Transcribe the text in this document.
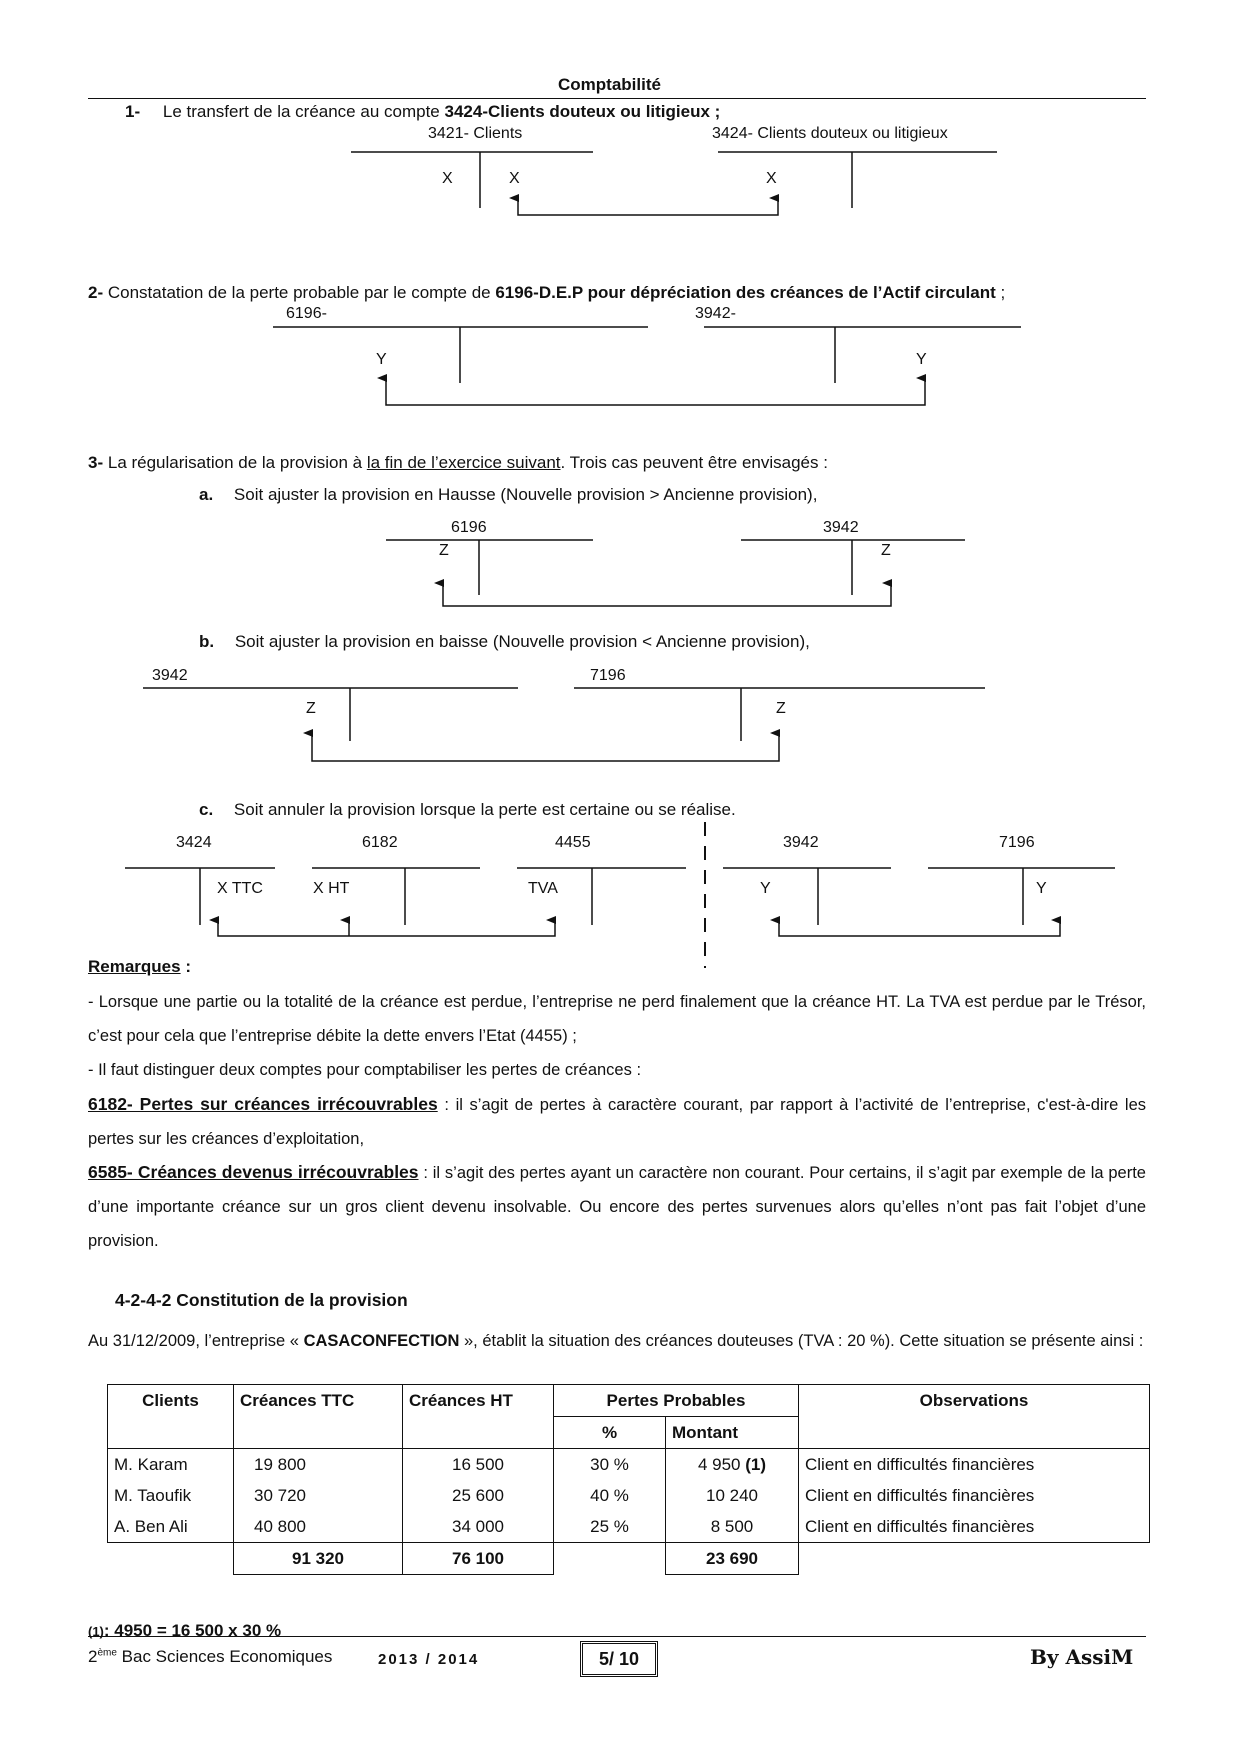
Comptabilité
1- Le transfert de la créance au compte 3424-Clients douteux ou litigieux ;
3421- Clients	3424- Clients douteux ou litigieux
X	X	X
2- Constatation de la perte probable par le compte de 6196-D.E.P pour dépréciation des créances de l’Actif circulant ;
6196-	3942-
Y	Y
3- La régularisation de la provision à la fin de l’exercice suivant. Trois cas peuvent être envisagés :
a. Soit ajuster la provision en Hausse (Nouvelle provision > Ancienne provision),
6196	3942
Z	Z
b. Soit ajuster la provision en baisse (Nouvelle provision < Ancienne provision),
3942	7196
Z	Z
c. Soit annuler la provision lorsque la perte est certaine ou se réalise.
3424	6182	4455	3942	7196
X TTC	X HT	TVA	Y	Y
Remarques :
- Lorsque une partie ou la totalité de la créance est perdue, l’entreprise ne perd finalement que la créance HT. La TVA est perdue par le Trésor, c’est pour cela que l’entreprise débite la dette envers l’Etat (4455) ;
- Il faut distinguer deux comptes pour comptabiliser les pertes de créances :
6182- Pertes sur créances irrécouvrables : il s’agit de pertes à caractère courant, par rapport à l’activité de l’entreprise, c'est-à-dire les pertes sur les créances d’exploitation,
6585- Créances devenus irrécouvrables : il s’agit des pertes ayant un caractère non courant. Pour certains, il s’agit par exemple de la perte d’une importante créance sur un gros client devenu insolvable. Ou encore des pertes survenues alors qu’elles n’ont pas fait l’objet d’une provision.
4-2-4-2 Constitution de la provision
Au 31/12/2009, l’entreprise « CASACONFECTION », établit la situation des créances douteuses (TVA : 20 %). Cette situation se présente ainsi :
Clients	Créances TTC	Créances HT	Pertes Probables		Observations
			%	Montant	
M. Karam	19 800	16 500	30 %	4 950 (1)	Client en difficultés financières
M. Taoufik	30 720	25 600	40 %	10 240	Client en difficultés financières
A. Ben Ali	40 800	34 000	25 %	8 500	Client en difficultés financières
	91 320	76 100		23 690	
(1): 4950 = 16 500 x 30 %
2ème Bac Sciences Economiques	2013 / 2014	5/ 10	By AssiM
